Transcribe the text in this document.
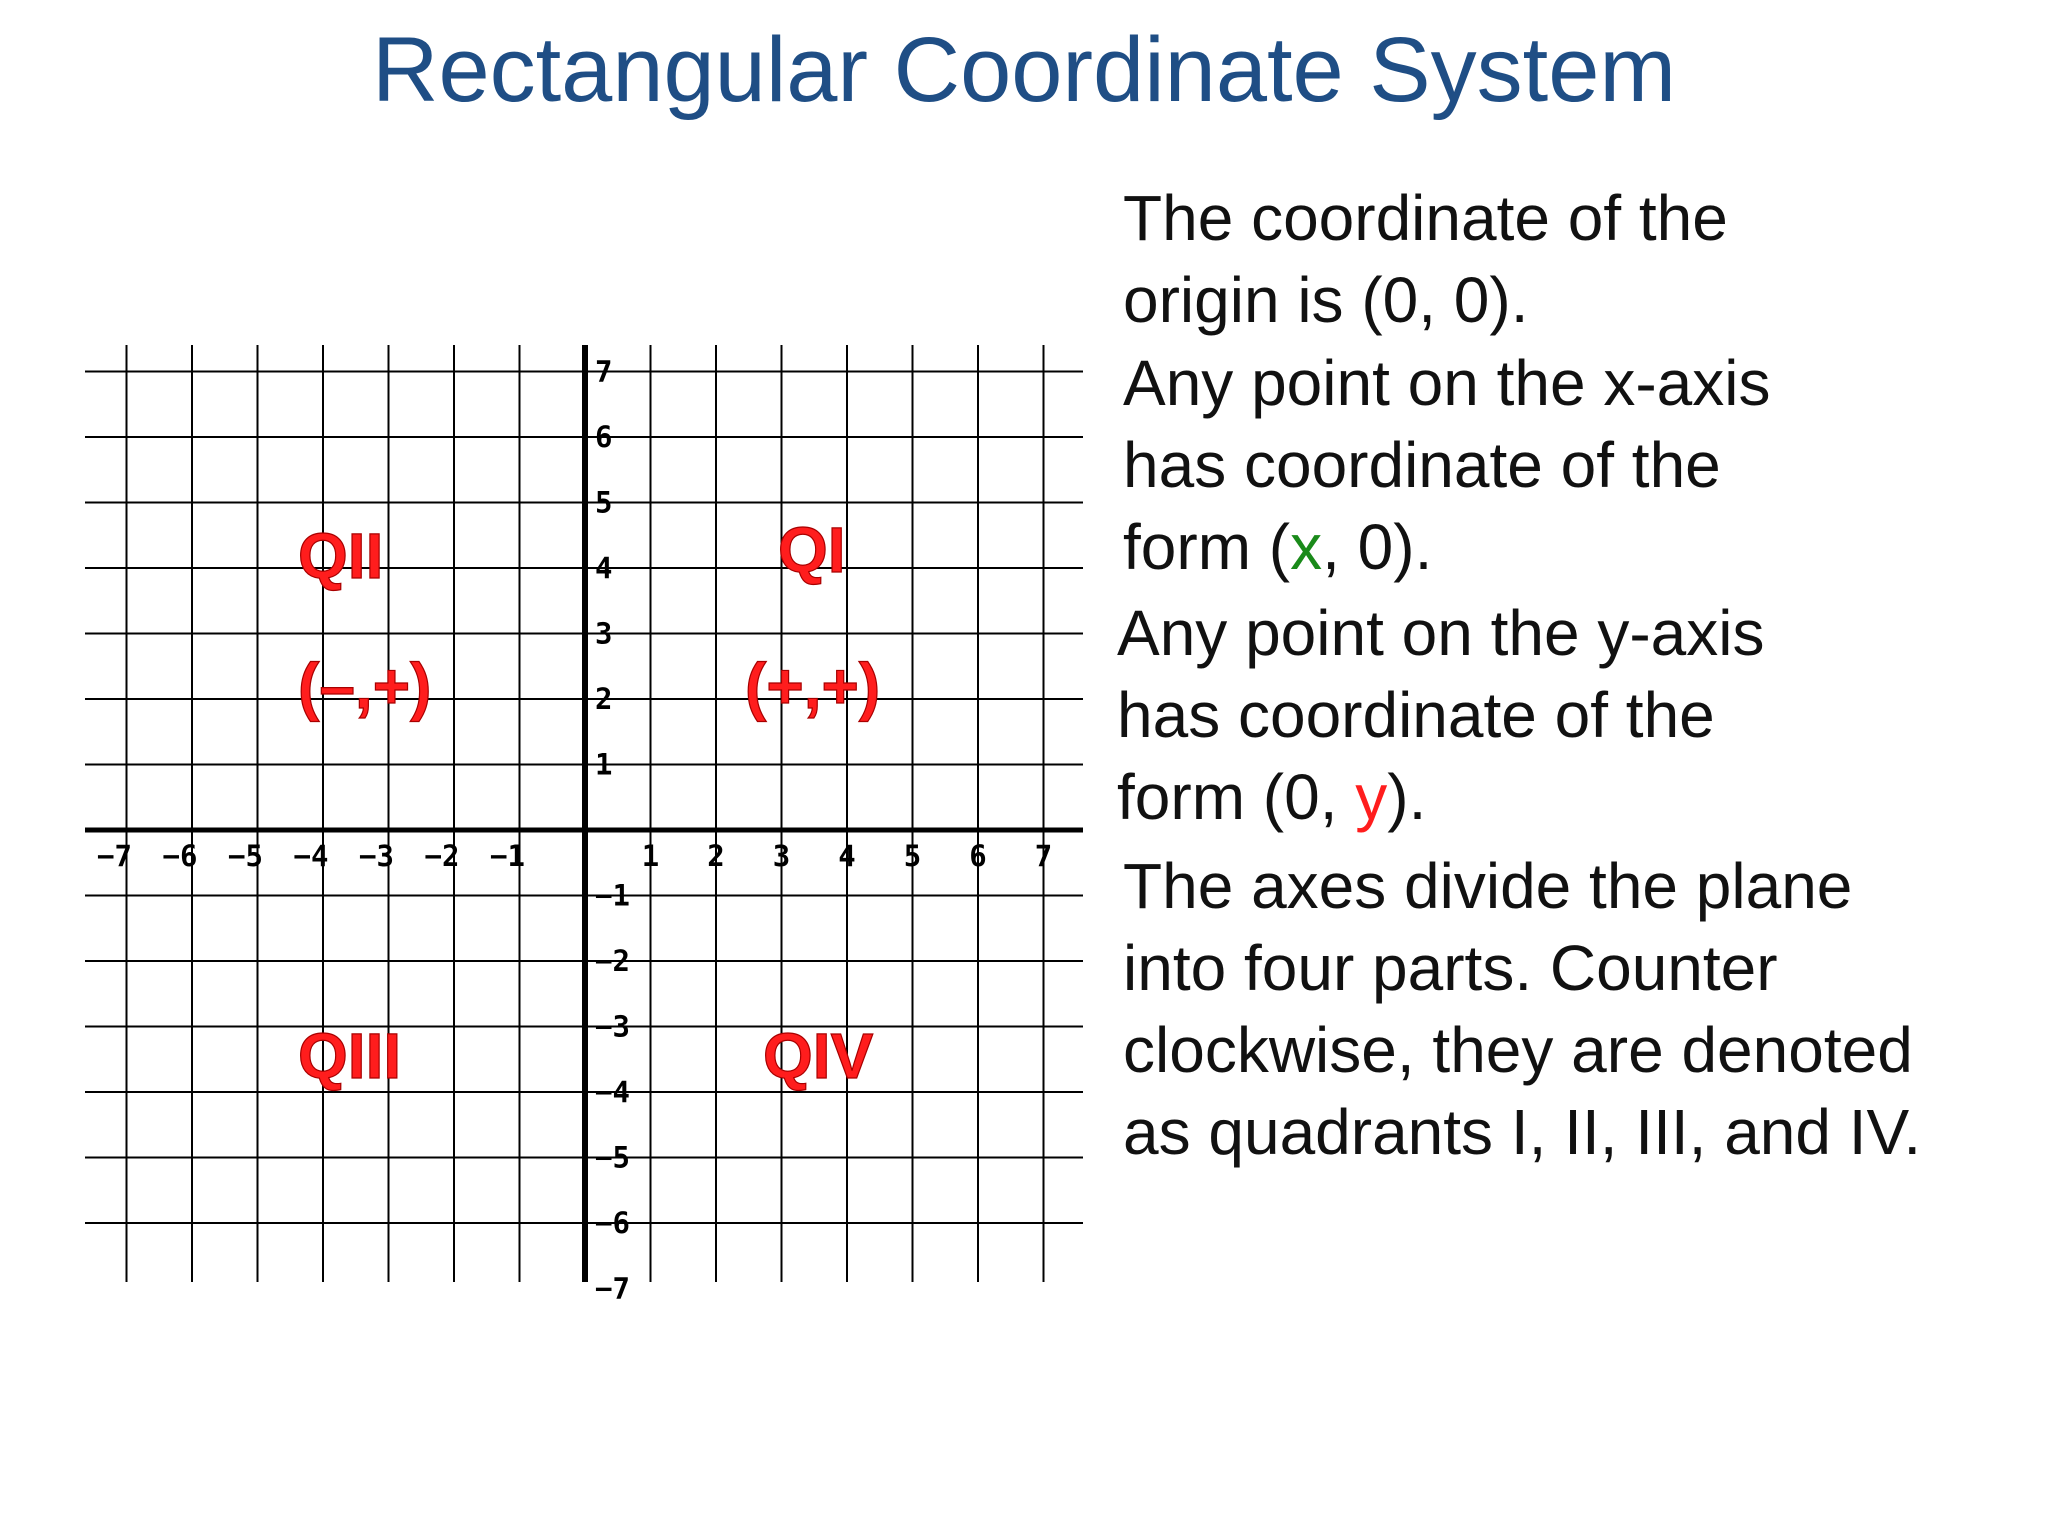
Rectangular Coordinate System
−7 −6 −5 −4 −3 −2 −1	1 2 3 4 5 6 7
7
6
5
4
3
2
1
−1
−2
−3
−4
−5
−6
−7
QII
(–,+)
QI
(+,+)
QIII	QIV

The coordinate of the
origin is (0, 0).

Any point on the x-axis
has coordinate of the
form (x, 0).

Any point on the y-axis
has coordinate of the
form (0, y).

The axes divide the plane
into four parts. Counter
clockwise, they are denoted
as quadrants I, II, III, and IV.
